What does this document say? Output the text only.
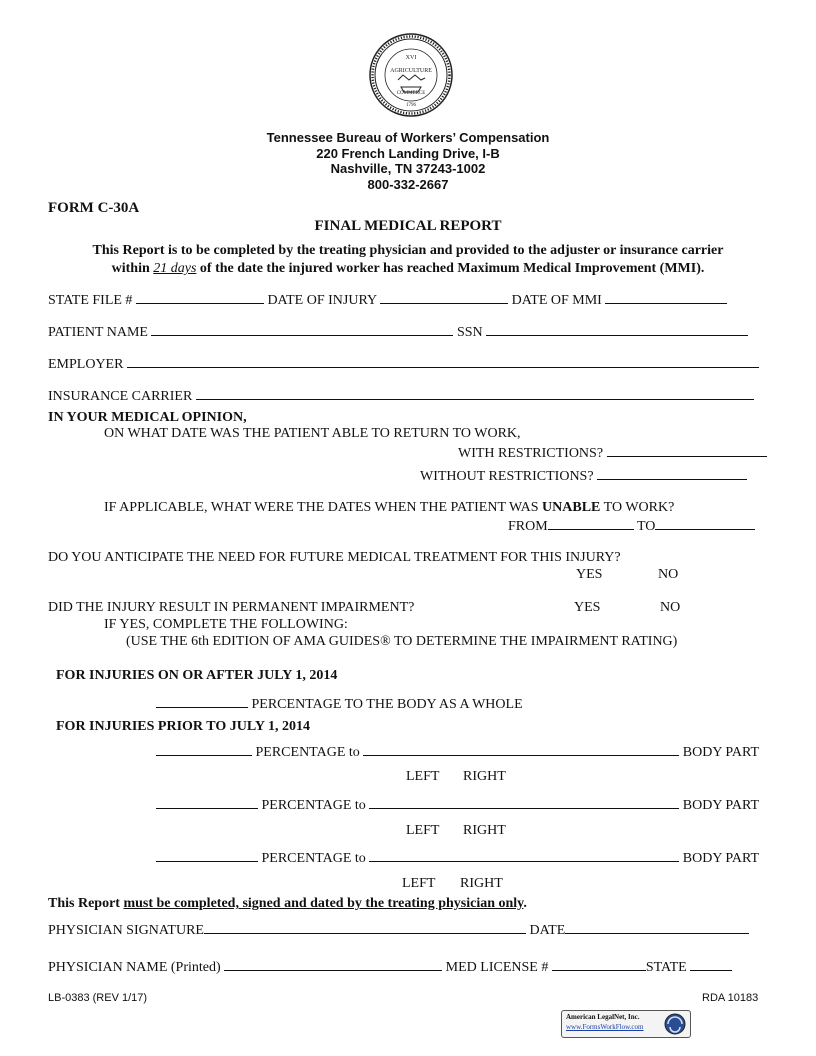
XVI
AGRICULTURE
COMMERCE
1796
Tennessee Bureau of Workers’ Compensation
220 French Landing Drive, I-B
Nashville, TN 37243-1002
800-332-2667
FORM C-30A
FINAL MEDICAL REPORT
This Report is to be completed by the treating physician and provided to the adjuster or insurance carrier
within 21 days of the date the injured worker has reached Maximum Medical Improvement (MMI).
STATE FILE #	DATE OF INJURY	DATE OF MMI
PATIENT NAME	SSN
EMPLOYER
INSURANCE CARRIER
IN YOUR MEDICAL OPINION,
ON WHAT DATE WAS THE PATIENT ABLE TO RETURN TO WORK,
WITH RESTRICTIONS?
WITHOUT RESTRICTIONS?
IF APPLICABLE, WHAT WERE THE DATES WHEN THE PATIENT WAS UNABLE TO WORK?
FROM	TO
DO YOU ANTICIPATE THE NEED FOR FUTURE MEDICAL TREATMENT FOR THIS INJURY?
YES	NO
DID THE INJURY RESULT IN PERMANENT IMPAIRMENT?	YES	NO
IF YES, COMPLETE THE FOLLOWING:
(USE THE 6th EDITION OF AMA GUIDES® TO DETERMINE THE IMPAIRMENT RATING)
FOR INJURIES ON OR AFTER JULY 1, 2014
PERCENTAGE TO THE BODY AS A WHOLE
FOR INJURIES PRIOR TO JULY 1, 2014
PERCENTAGE to	BODY PART
LEFT RIGHT
PERCENTAGE to	BODY PART
LEFT RIGHT
PERCENTAGE to	BODY PART
LEFT RIGHT
This Report must be completed, signed and dated by the treating physician only.
PHYSICIAN SIGNATURE	DATE
PHYSICIAN NAME (Printed)	MED LICENSE #	STATE
LB-0383 (REV 1/17)	RDA 10183
American LegalNet, Inc.
www.FormsWorkFlow.com
